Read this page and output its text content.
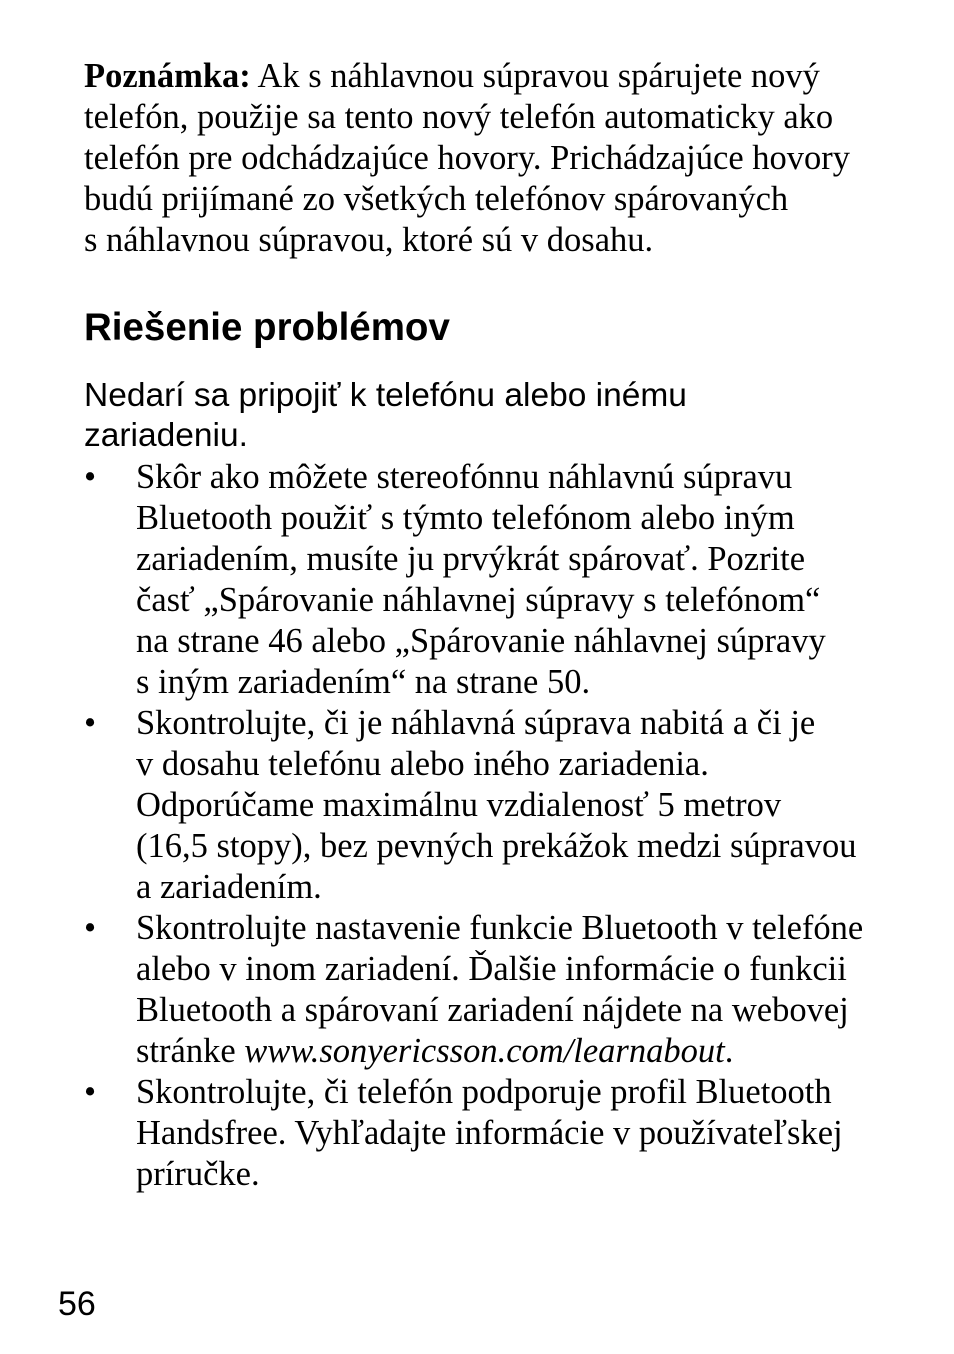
Poznámka: Ak s náhlavnou súpravou spárujete nový
telefón, použije sa tento nový telefón automaticky ako
telefón pre odchádzajúce hovory. Prichádzajúce hovory
budú prijímané zo všetkých telefónov spárovaných
s náhlavnou súpravou, ktoré sú v dosahu.

Riešenie problémov
Nedarí sa pripojiť k telefónu alebo inému
zariadeniu.
• Skôr ako môžete stereofónnu náhlavnú súpravu
Bluetooth použiť s týmto telefónom alebo iným
zariadením, musíte ju prvýkrát spárovať. Pozrite
časť „Spárovanie náhlavnej súpravy s telefónom“
na strane 46 alebo „Spárovanie náhlavnej súpravy
s iným zariadením“ na strane 50.
• Skontrolujte, či je náhlavná súprava nabitá a či je
v dosahu telefónu alebo iného zariadenia.
Odporúčame maximálnu vzdialenosť 5 metrov
(16,5 stopy), bez pevných prekážok medzi súpravou
a zariadením.
• Skontrolujte nastavenie funkcie Bluetooth v telefóne
alebo v inom zariadení. Ďalšie informácie o funkcii
Bluetooth a spárovaní zariadení nájdete na webovej
stránke www.sonyericsson.com/learnabout.
• Skontrolujte, či telefón podporuje profil Bluetooth
Handsfree. Vyhľadajte informácie v používateľskej
príručke.

56
